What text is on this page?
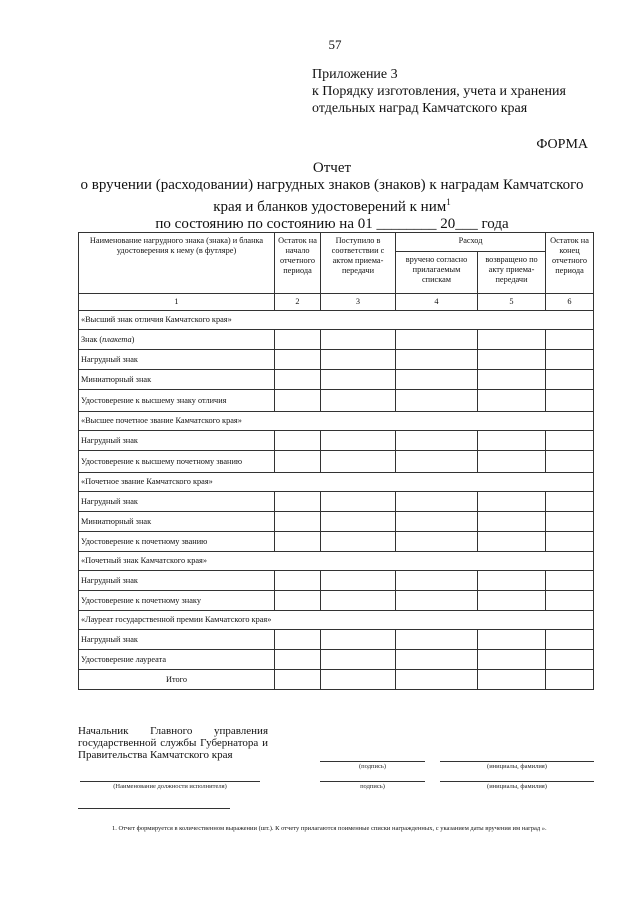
57
Приложение 3
к Порядку изготовления, учета и хранения
отдельных наград Камчатского края
ФОРМА
Отчет
о вручении (расходовании) нагрудных знаков (знаков) к наградам Камчатского
края и бланков удостоверений к ним$^1$
по состоянию по состоянию на 01 ________ 20___ года
Наименование нагрудного знака (знака) и бланка удостоверения к нему (в футляре)	Остаток на начало отчетного периода	Поступило в соответствии с актом приема-передачи	Расход		Остаток на конец отчетного периода
			вручено согласно прилагаемым спискам	возвращено по акту приема-передачи	
1	2	3	4	5	6
«Высший знак отличия Камчатского края»					
Знак (плакета)					
Нагрудный знак					
Миниатюрный знак					
Удостоверение к высшему знаку отличия					
«Высшее почетное звание Камчатского края»					
Нагрудный знак					
Удостоверение к высшему почетному званию					
«Почетное звание Камчатского края»					
Нагрудный знак					
Миниатюрный знак					
Удостоверение к почетному званию					
«Почетный знак Камчатского края»					
Нагрудный знак					
Удостоверение к почетному знаку					
«Лауреат государственной премии Камчатского края»					
Нагрудный знак					
Удостоверение лауреата					
Итого					
Начальник Главного управления государственной службы Губернатора и Правительства Камчатского края
(подпись)	(инициалы, фамилия)
(Наименование должности исполнителя)	подпись)	(инициалы, фамилия)
1. Отчет формируется в количественном выражении (шт.). К отчету прилагаются поименные списки награжденных, с указанием даты вручения им наград ».
